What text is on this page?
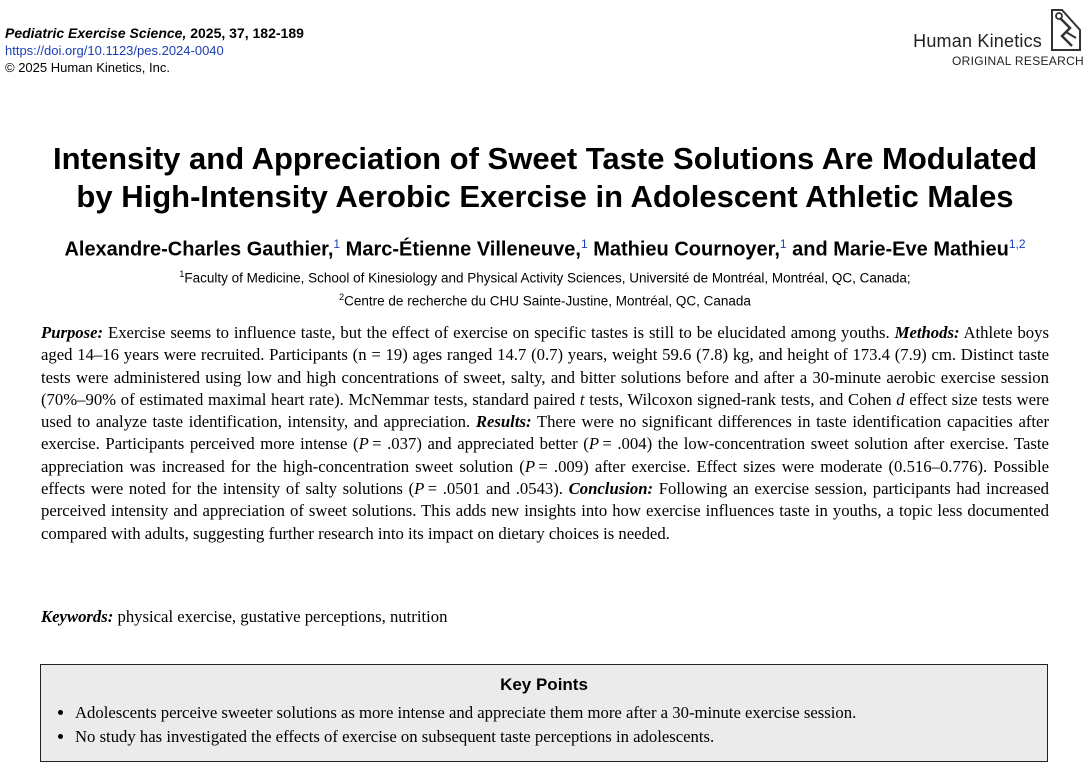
Pediatric Exercise Science, 2025, 37, 182-189
https://doi.org/10.1123/pes.2024-0040
© 2025 Human Kinetics, Inc.
Human Kinetics
ORIGINAL RESEARCH
Intensity and Appreciation of Sweet Taste Solutions Are Modulated
by High-Intensity Aerobic Exercise in Adolescent Athletic Males
Alexandre-Charles Gauthier,$^1$ Marc-Étienne Villeneuve,$^1$ Mathieu Cournoyer,$^1$ and Marie-Eve Mathieu$^{1,2}$
$^1$Faculty of Medicine, School of Kinesiology and Physical Activity Sciences, Université de Montréal, Montréal, QC, Canada;
$^2$Centre de recherche du CHU Sainte-Justine, Montréal, QC, Canada
Purpose: Exercise seems to influence taste, but the effect of exercise on specific tastes is still to be elucidated among youths. Methods: Athlete boys aged 14–16 years were recruited. Participants (n = 19) ages ranged 14.7 (0.7) years, weight 59.6 (7.8) kg, and height of 173.4 (7.9) cm. Distinct taste tests were administered using low and high concentrations of sweet, salty, and bitter solutions before and after a 30-minute aerobic exercise session (70%–90% of estimated maximal heart rate). McNemmar tests, standard paired t tests, Wilcoxon signed-rank tests, and Cohen d effect size tests were used to analyze taste identification, intensity, and appreciation. Results: There were no significant differences in taste identification capacities after exercise. Participants perceived more intense (P  = .037) and appreciated better (P  = .004) the low-concentration sweet solution after exercise. Taste appreciation was increased for the high-concentration sweet solution (P  = .009) after exercise. Effect sizes were moderate (0.516–0.776). Possible effects were noted for the intensity of salty solutions (P  = .0501 and .0543). Conclusion: Following an exercise session, participants had increased perceived intensity and appreciation of sweet solutions. This adds new insights into how exercise influences taste in youths, a topic less documented compared with adults, suggesting further research into its impact on dietary choices is needed.
Keywords: physical exercise, gustative perceptions, nutrition
Key Points
• Adolescents perceive sweeter solutions as more intense and appreciate them more after a 30-minute exercise session.
• No study has investigated the effects of exercise on subsequent taste perceptions in adolescents.
